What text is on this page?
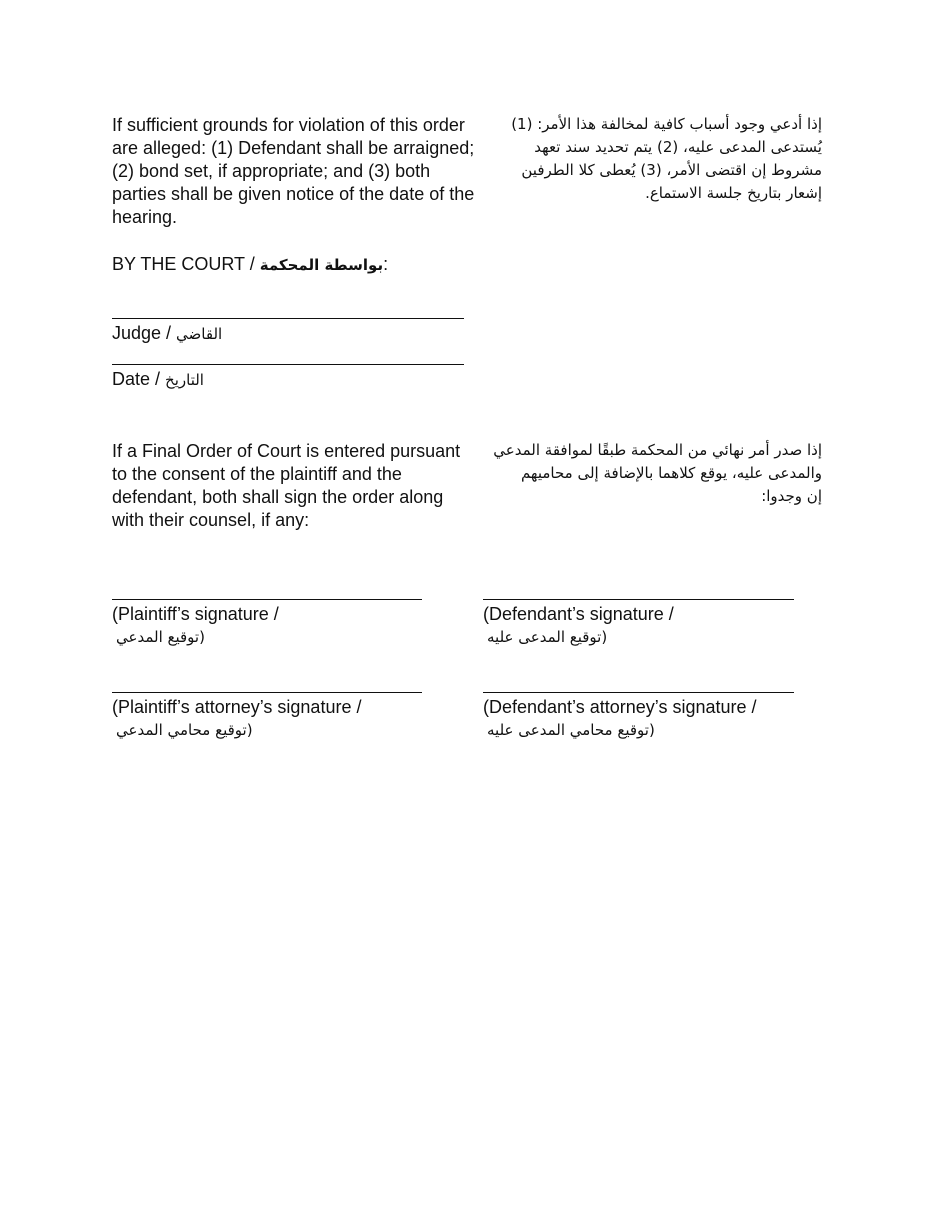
If sufficient grounds for violation of this order
are alleged: (1) Defendant shall be arraigned;
(2) bond set, if appropriate; and (3) both
parties shall be given notice of the date of the
hearing.
إذا أدعي وجود أسباب كافية لمخالفة هذا الأمر: (1)
يُستدعى المدعى عليه، (2) يتم تحديد سند تعهد
مشروط إن اقتضى الأمر، (3) يُعطى كلا الطرفين
إشعار بتاريخ جلسة الاستماع.
BY THE COURT / بواسطة المحكمة:
Judge / القاضي
Date / التاريخ
If a Final Order of Court is entered pursuant
to the consent of the plaintiff and the
defendant, both shall sign the order along
with their counsel, if any:
إذا صدر أمر نهائي من المحكمة طبقًا لموافقة المدعي
والمدعى عليه، يوقع كلاهما بالإضافة إلى محاميهم
إن وجدوا:
(Plaintiff’s signature /
(توقيع المدعي
(Defendant’s signature /
(توقيع المدعى عليه
(Plaintiff’s attorney’s signature /
(توقيع محامي المدعي
(Defendant’s attorney’s signature /
(توقيع محامي المدعى عليه
